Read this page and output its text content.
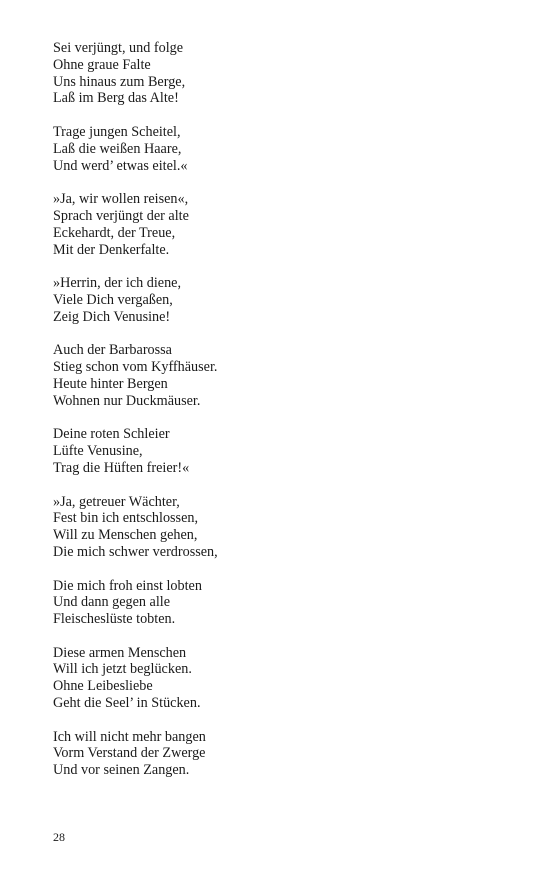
Sei verjüngt, und folge
Ohne graue Falte
Uns hinaus zum Berge,
Laß im Berg das Alte!
Trage jungen Scheitel,
Laß die weißen Haare,
Und werd’ etwas eitel.«
»Ja, wir wollen reisen«,
Sprach verjüngt der alte
Eckehardt, der Treue,
Mit der Denkerfalte.
»Herrin, der ich diene,
Viele Dich vergaßen,
Zeig Dich Venusine!
Auch der Barbarossa
Stieg schon vom Kyffhäuser.
Heute hinter Bergen
Wohnen nur Duckmäuser.
Deine roten Schleier
Lüfte Venusine,
Trag die Hüften freier!«
»Ja, getreuer Wächter,
Fest bin ich entschlossen,
Will zu Menschen gehen,
Die mich schwer verdrossen,
Die mich froh einst lobten
Und dann gegen alle
Fleischeslüste tobten.
Diese armen Menschen
Will ich jetzt beglücken.
Ohne Leibesliebe
Geht die Seel’ in Stücken.
Ich will nicht mehr bangen
Vorm Verstand der Zwerge
Und vor seinen Zangen.
28
